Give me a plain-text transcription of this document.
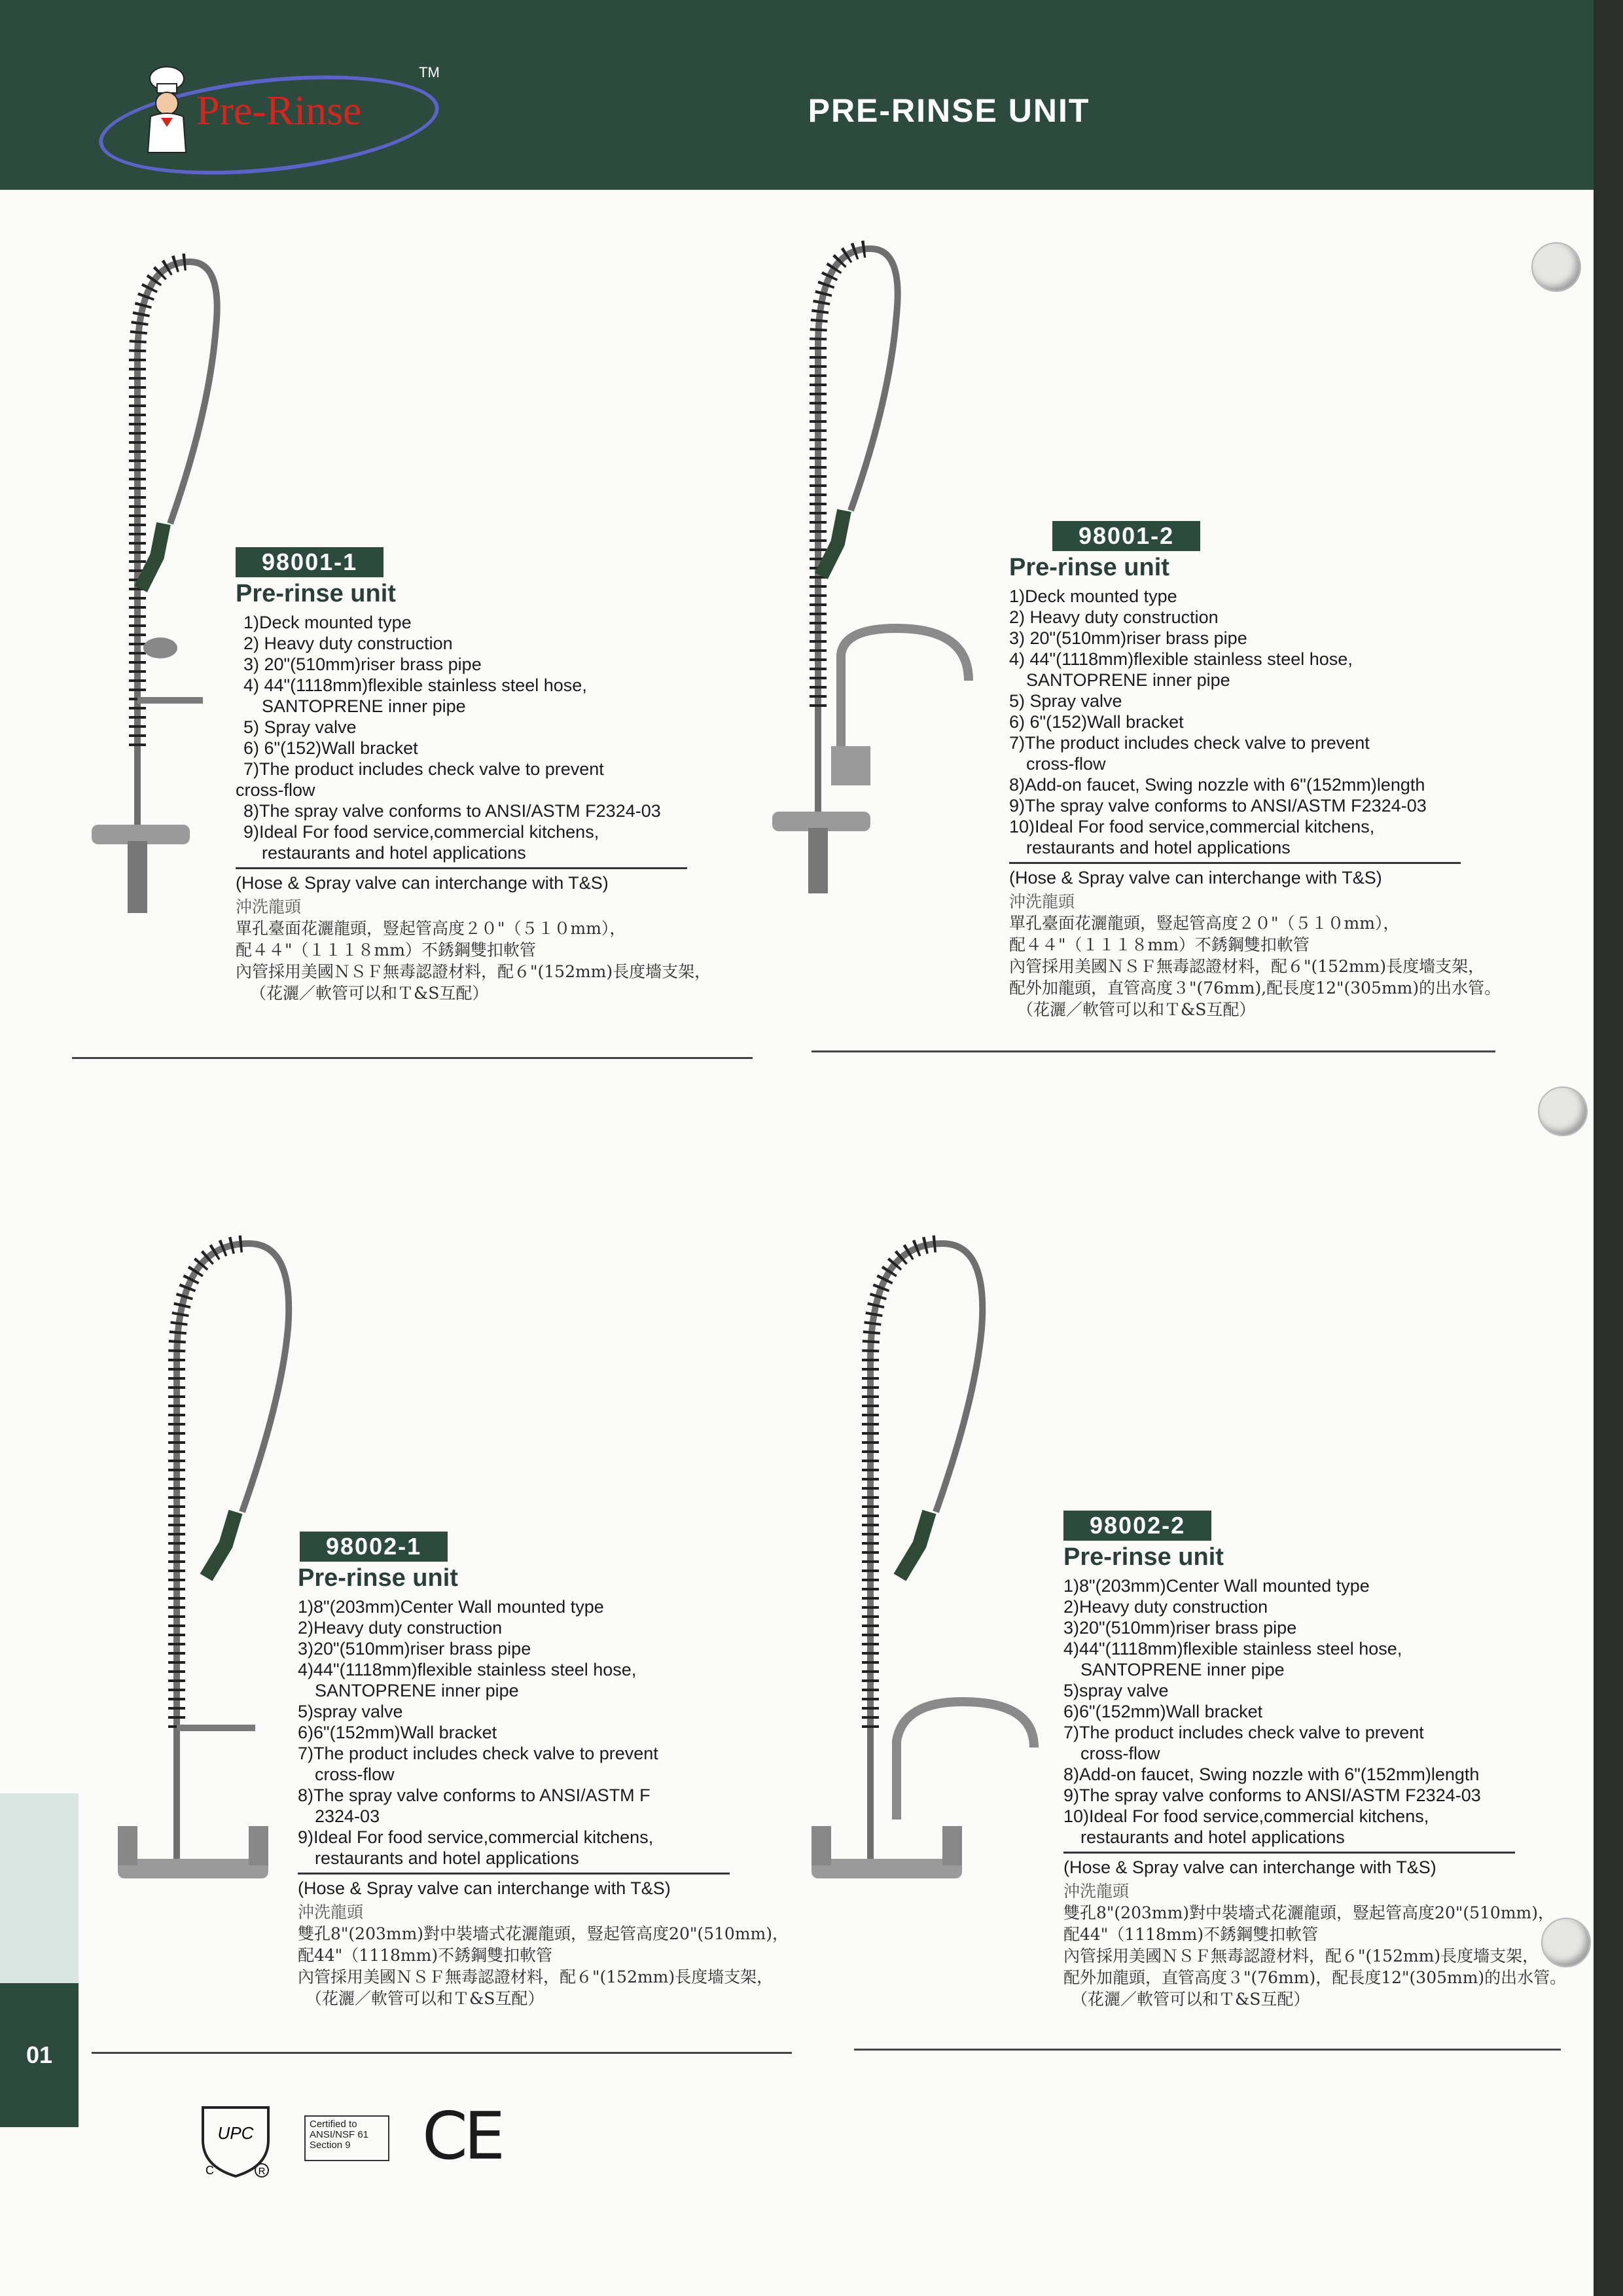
Pre-Rinse
TM
PRE-RINSE UNIT
98001-1
Pre-rinse unit
1)Deck mounted type
2) Heavy duty construction
3) 20"(510mm)riser brass pipe
4) 44"(1118mm)flexible stainless steel hose,
SANTOPRENE inner pipe
5) Spray valve
6) 6"(152)Wall bracket
7)The product includes check valve to prevent
cross-flow
8)The spray valve conforms to ANSI/ASTM F2324-03
9)Ideal For food service,commercial kitchens,
restaurants and hotel applications
(Hose & Spray valve can interchange with T&S)
沖洗龍頭
單孔臺面花灑龍頭，豎起管高度２０"（５１０mm），
配４４"（１１１８mm）不銹鋼雙扣軟管
內管採用美國ＮＳＦ無毒認證材料，配６"(152mm)長度墻支架，
（花灑／軟管可以和Ｔ&S互配）
98001-2
Pre-rinse unit
1)Deck mounted type
2) Heavy duty construction
3) 20"(510mm)riser brass pipe
4) 44"(1118mm)flexible stainless steel hose,
SANTOPRENE inner pipe
5) Spray valve
6) 6"(152)Wall bracket
7)The product includes check valve to prevent
cross-flow
8)Add-on faucet, Swing nozzle with 6"(152mm)length
9)The spray valve conforms to ANSI/ASTM F2324-03
10)Ideal For food service,commercial kitchens,
restaurants and hotel applications
(Hose & Spray valve can interchange with T&S)
沖洗龍頭
單孔臺面花灑龍頭，豎起管高度２０"（５１０mm），
配４４"（１１１８mm）不銹鋼雙扣軟管
內管採用美國ＮＳＦ無毒認證材料，配６"(152mm)長度墻支架，
配外加龍頭，直管高度３"(76mm),配長度12"(305mm)的出水管。
（花灑／軟管可以和Ｔ&S互配）
98002-1
Pre-rinse unit
1)8"(203mm)Center Wall mounted type
2)Heavy duty construction
3)20"(510mm)riser brass pipe
4)44"(1118mm)flexible stainless steel hose,
SANTOPRENE inner pipe
5)spray valve
6)6"(152mm)Wall bracket
7)The product includes check valve to prevent
cross-flow
8)The spray valve conforms to ANSI/ASTM F
2324-03
9)Ideal For food service,commercial kitchens,
restaurants and hotel applications
(Hose & Spray valve can interchange with T&S)
沖洗龍頭
雙孔8"(203mm)對中裝墻式花灑龍頭，豎起管高度20"(510mm)，
配44"（1118mm)不銹鋼雙扣軟管
內管採用美國ＮＳＦ無毒認證材料，配６"(152mm)長度墻支架，
（花灑／軟管可以和Ｔ&S互配）
98002-2
Pre-rinse unit
1)8"(203mm)Center Wall mounted type
2)Heavy duty construction
3)20"(510mm)riser brass pipe
4)44"(1118mm)flexible stainless steel hose,
SANTOPRENE inner pipe
5)spray valve
6)6"(152mm)Wall bracket
7)The product includes check valve to prevent
cross-flow
8)Add-on faucet, Swing nozzle with 6"(152mm)length
9)The spray valve conforms to ANSI/ASTM F2324-03
10)Ideal For food service,commercial kitchens,
restaurants and hotel applications
(Hose & Spray valve can interchange with T&S)
沖洗龍頭
雙孔8"(203mm)對中裝墻式花灑龍頭，豎起管高度20"(510mm)，
配44"（1118mm)不銹鋼雙扣軟管
內管採用美國ＮＳＦ無毒認證材料，配６"(152mm)長度墻支架，
配外加龍頭，直管高度３"(76mm)，配長度12"(305mm)的出水管。
（花灑／軟管可以和Ｔ&S互配）
01
UPC
C	R
Certified to
ANSI/NSF 61
Section 9	CE
